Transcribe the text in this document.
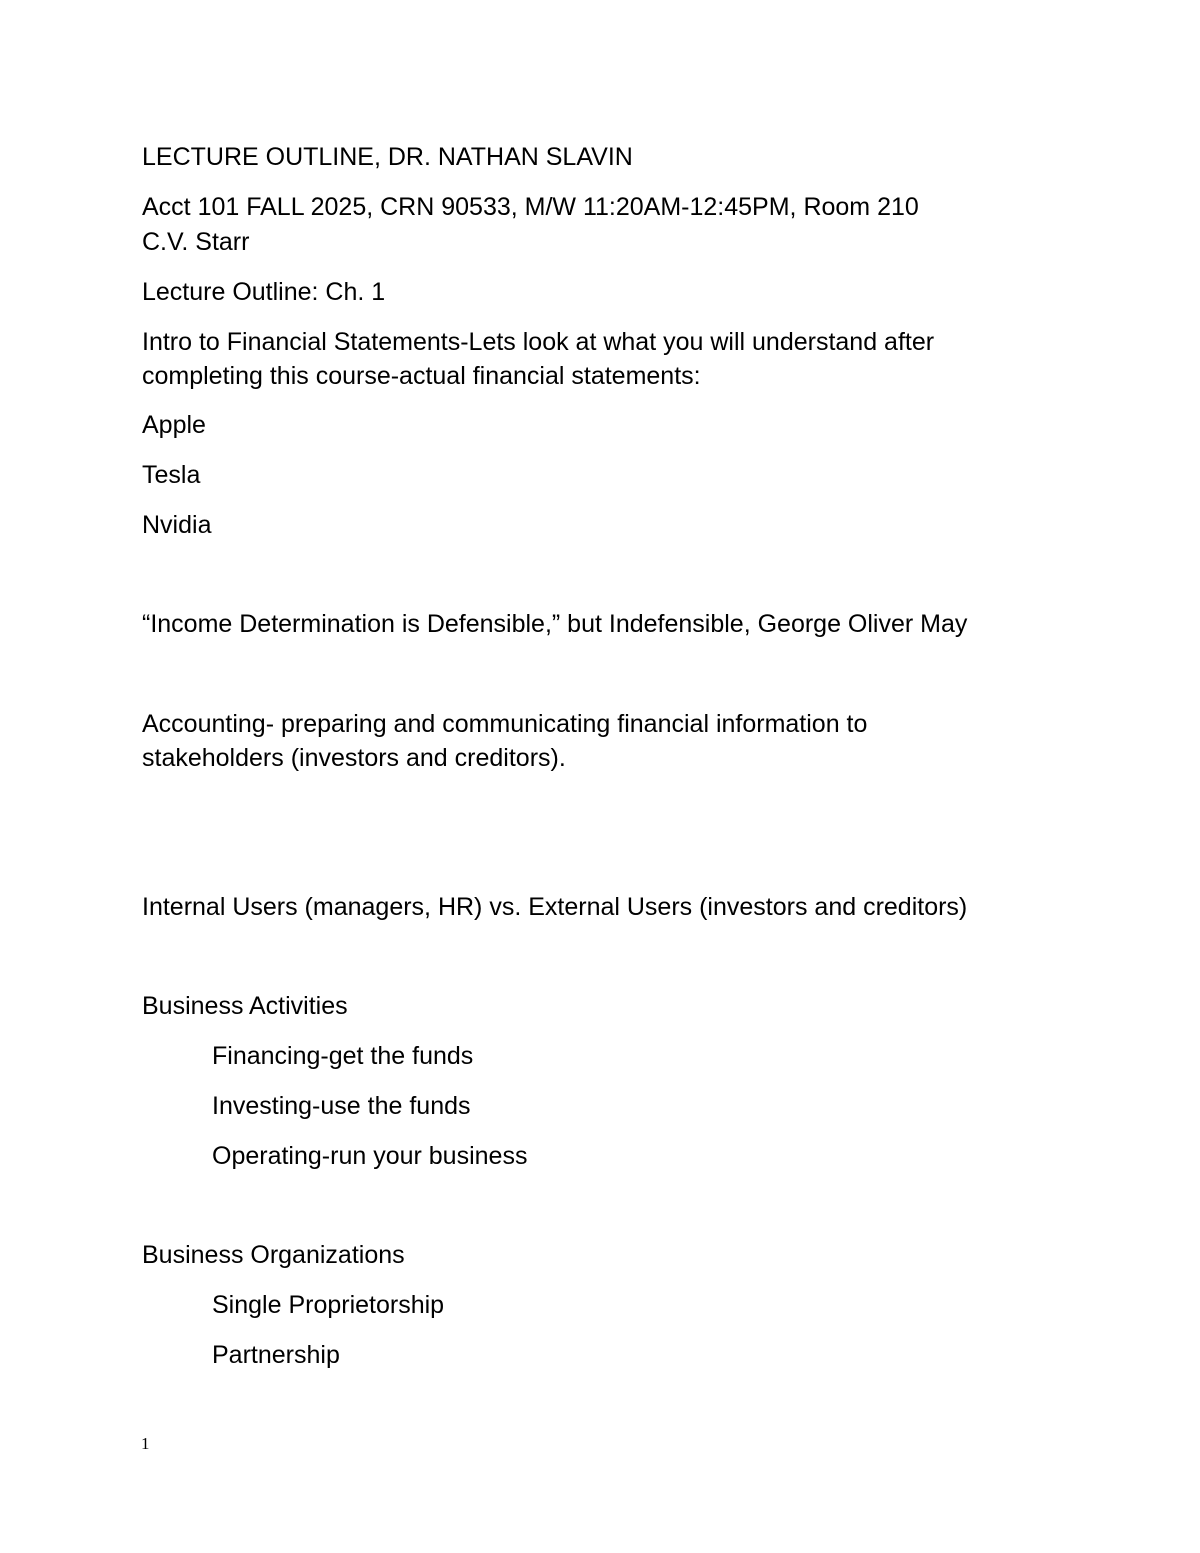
LECTURE OUTLINE, DR. NATHAN SLAVIN

Acct 101 FALL 2025, CRN 90533, M/W 11:20AM-12:45PM, Room 210

C.V. Starr

Lecture Outline: Ch. 1

Intro to Financial Statements-Lets look at what you will understand after

completing this course-actual financial statements:

Apple

Tesla

Nvidia

“Income Determination is Defensible,” but Indefensible, George Oliver May

Accounting- preparing and communicating financial information to

stakeholders (investors and creditors).

Internal Users (managers, HR) vs. External Users (investors and creditors)

Business Activities

Financing-get the funds

Investing-use the funds

Operating-run your business

Business Organizations

Single Proprietorship

Partnership

1
